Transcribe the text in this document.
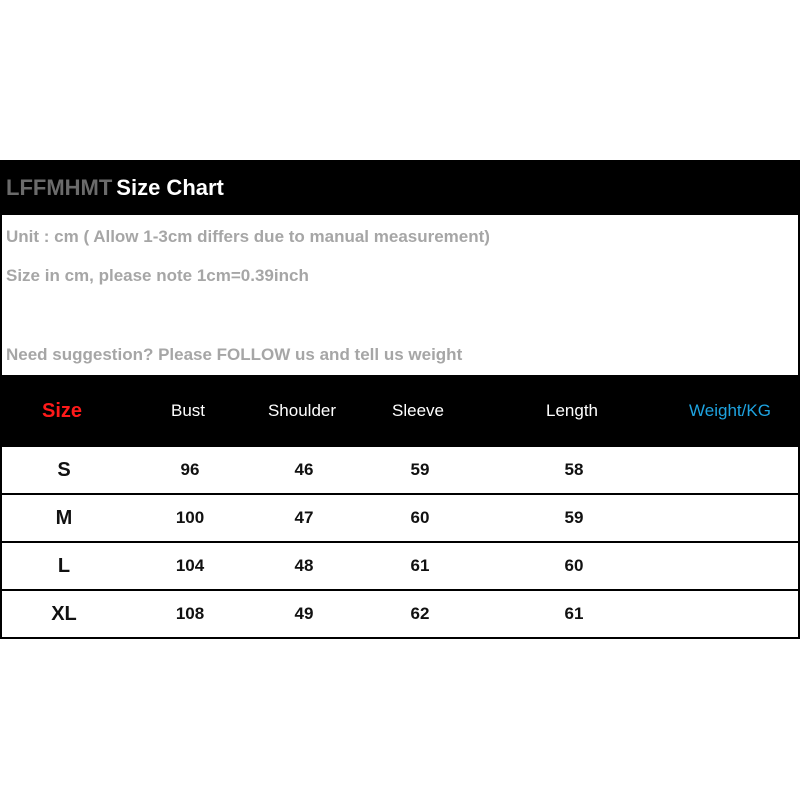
LFFMHMT Size Chart
Unit : cm ( Allow 1-3cm differs due to manual measurement)
Size in cm, please note 1cm=0.39inch
Need suggestion? Please FOLLOW us and tell us weight
Size	Bust	Shoulder	Sleeve	Length	Weight/KG
S	96	46	59	58
M	100	47	60	59
L	104	48	61	60
XL	108	49	62	61
